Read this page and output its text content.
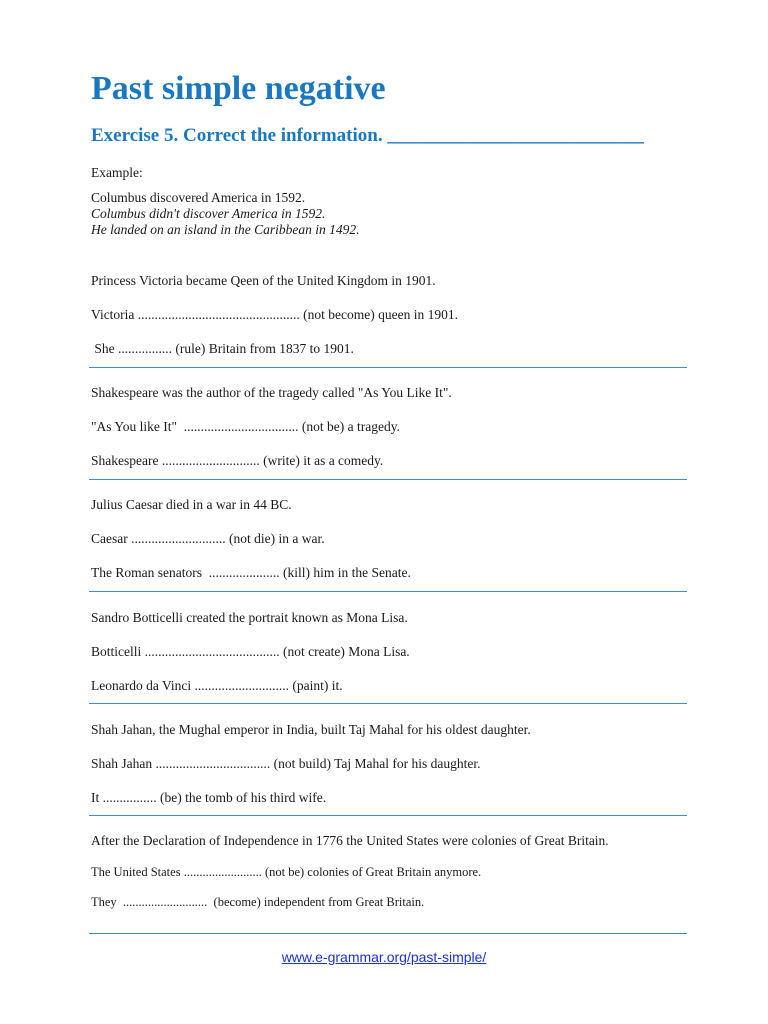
Past simple negative
Exercise 5. Correct the information. ___________________________
Example:
Columbus discovered America in 1592.
Columbus didn't discover America in 1592.
He landed on an island in the Caribbean in 1492.
Princess Victoria became Qeen of the United Kingdom in 1901.
Victoria ................................................ (not become) queen in 1901.
She ................ (rule) Britain from 1837 to 1901.
Shakespeare was the author of the tragedy called "As You Like It".
"As You like It"  .................................. (not be) a tragedy.
Shakespeare ............................. (write) it as a comedy.
Julius Caesar died in a war in 44 BC.
Caesar ............................ (not die) in a war.
The Roman senators  ..................... (kill) him in the Senate.
Sandro Botticelli created the portrait known as Mona Lisa.
Botticelli ........................................ (not create) Mona Lisa.
Leonardo da Vinci ............................ (paint) it.
Shah Jahan, the Mughal emperor in India, built Taj Mahal for his oldest daughter.
Shah Jahan .................................. (not build) Taj Mahal for his daughter.
It ................ (be) the tomb of his third wife.
After the Declaration of Independence in 1776 the United States were colonies of Great Britain.
The United States ......................... (not be) colonies of Great Britain anymore.
They  ...........................  (become) independent from Great Britain.
www.e-grammar.org/past-simple/
